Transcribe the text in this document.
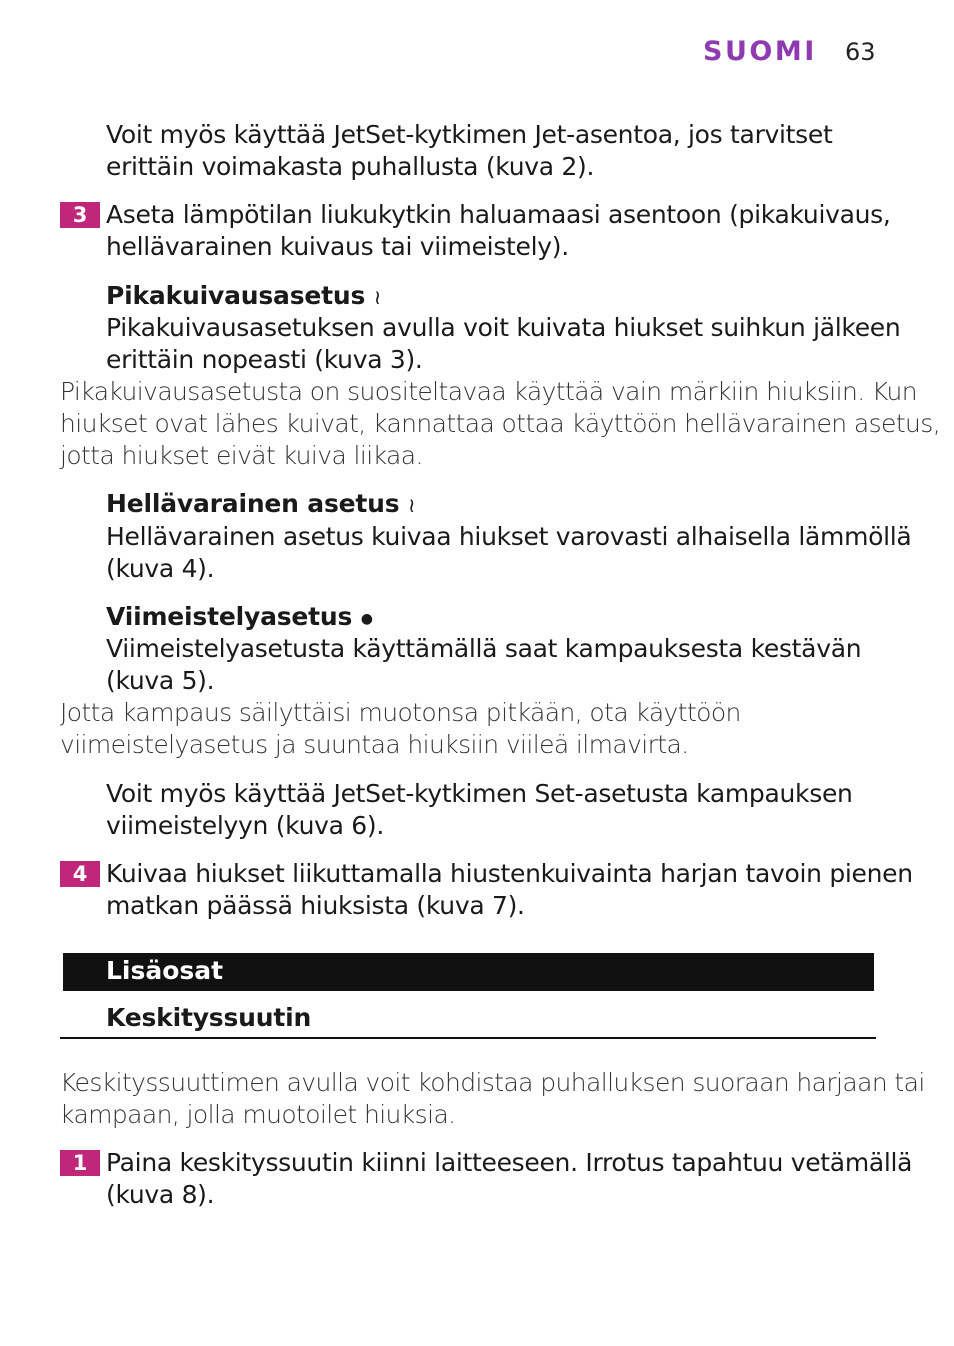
SUOMI 63
Voit myös käyttää JetSet-kytkimen Jet-asentoa, jos tarvitset
erittäin voimakasta puhallusta (kuva 2).
3 Aseta lämpötilan liukukytkin haluamaasi asentoon (pikakuivaus,
hellävarainen kuivaus tai viimeistely).
Pikakuivausasetus ≀
Pikakuivausasetuksen avulla voit kuivata hiukset suihkun jälkeen
erittäin nopeasti (kuva 3).
Pikakuivausasetusta on suositeltavaa käyttää vain märkiin hiuksiin. Kun
hiukset ovat lähes kuivat, kannattaa ottaa käyttöön hellävarainen asetus,
jotta hiukset eivät kuiva liikaa.
Hellävarainen asetus ≀
Hellävarainen asetus kuivaa hiukset varovasti alhaisella lämmöllä
(kuva 4).
Viimeistelyasetus ●
Viimeistelyasetusta käyttämällä saat kampauksesta kestävän
(kuva 5).
Jotta kampaus säilyttäisi muotonsa pitkään, ota käyttöön
viimeistelyasetus ja suuntaa hiuksiin viileä ilmavirta.
Voit myös käyttää JetSet-kytkimen Set-asetusta kampauksen
viimeistelyyn (kuva 6).
4 Kuivaa hiukset liikuttamalla hiustenkuivainta harjan tavoin pienen
matkan päässä hiuksista (kuva 7).
Lisäosat
Keskityssuutin
Keskityssuuttimen avulla voit kohdistaa puhalluksen suoraan harjaan tai
kampaan, jolla muotoilet hiuksia.
1 Paina keskityssuutin kiinni laitteeseen. Irrotus tapahtuu vetämällä
(kuva 8).
